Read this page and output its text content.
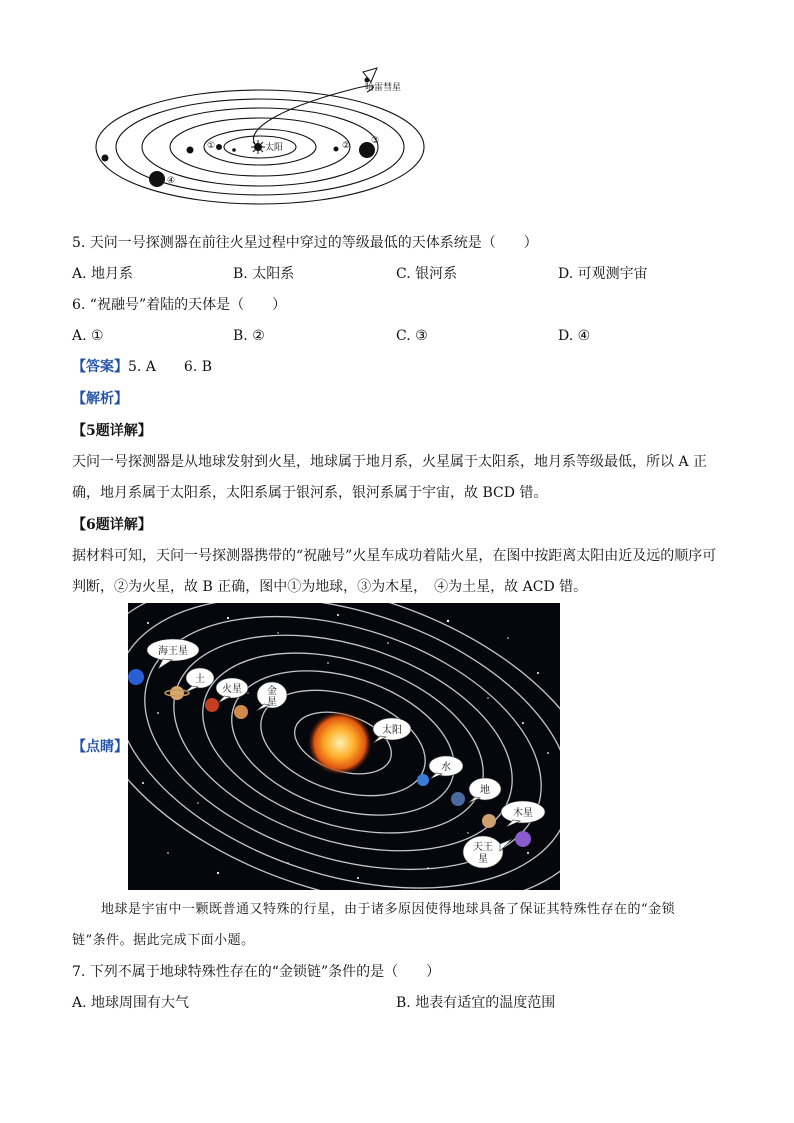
哈雷彗星
太阳
①	② ③
④
5. 天问一号探测器在前往火星过程中穿过的等级最低的天体系统是（　　）
A. 地月系	B. 太阳系	C. 银河系	D. 可观测宇宙
6. “祝融号”着陆的天体是（　　）
A. ①	B. ②	C. ③	D. ④
【答案】5. A　　6. B
【解析】
【5题详解】
天问一号探测器是从地球发射到火星，地球属于地月系，火星属于太阳系，地月系等级最低，所以 A 正
确，地月系属于太阳系，太阳系属于银河系，银河系属于宇宙，故 BCD 错。
【6题详解】
据材料可知，天问一号探测器携带的“祝融号”火星车成功着陆火星，在图中按距离太阳由近及远的顺序可
判断，②为火星，故 B 正确，图中①为地球，③为木星，　④为土星，故 ACD 错。
【点睛】
海王星
土
火星	金
星
太阳
水
地
木星
天王
星
地球是宇宙中一颗既普通又特殊的行星，由于诸多原因使得地球具备了保证其特殊性存在的“金锁
链”条件。据此完成下面小题。
7. 下列不属于地球特殊性存在的“金锁链”条件的是（　　）
A. 地球周围有大气	B. 地表有适宜的温度范围
